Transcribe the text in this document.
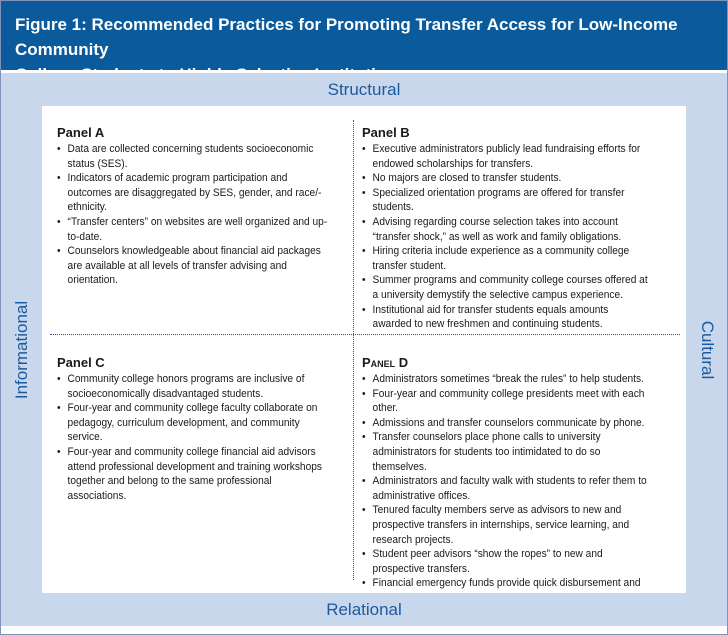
Figure 1: Recommended Practices for Promoting Transfer Access for Low-Income Community
Structural
Informational	Cultural
Panel A
• Data are collected concerning students socioeconomic status (SES).
• Indicators of academic program participation and outcomes are disaggregated by SES, gender, and race/-ethnicity.
• “Transfer centers” on websites are well organized and up-to-date.
• Counselors knowledgeable about financial aid packages are available at all levels of transfer advising and orientation.
Panel B
• Executive administrators publicly lead fundraising efforts for endowed scholarships for transfers.
• No majors are closed to transfer students.
• Specialized orientation programs are offered for transfer students.
• Advising regarding course selection takes into account “transfer shock,” as well as work and family obligations.
• Hiring criteria include experience as a community college transfer student.
• Summer programs and community college courses offered at a university demystify the selective campus experience.
• Institutional aid for transfer students equals amounts awarded to new freshmen and continuing students.
Panel C
• Community college honors programs are inclusive of socioeconomically disadvantaged students.
• Four-year and community college faculty collaborate on pedagogy, curriculum development, and community service.
• Four-year and community college financial aid advisors attend professional development and training workshops together and belong to the same professional associations.
Panel D
• Administrators sometimes “break the rules” to help students.
• Four-year and community college presidents meet with each other.
• Admissions and transfer counselors communicate by phone.
• Transfer counselors place phone calls to university administrators for students too intimidated to do so themselves.
• Administrators and faculty walk with students to refer them to administrative offices.
• Tenured faculty members serve as advisors to new and prospective transfers in internships, service learning, and research projects.
• Student peer advisors “show the ropes” to new and prospective transfers.
• Financial emergency funds provide quick disbursement and
Relational
